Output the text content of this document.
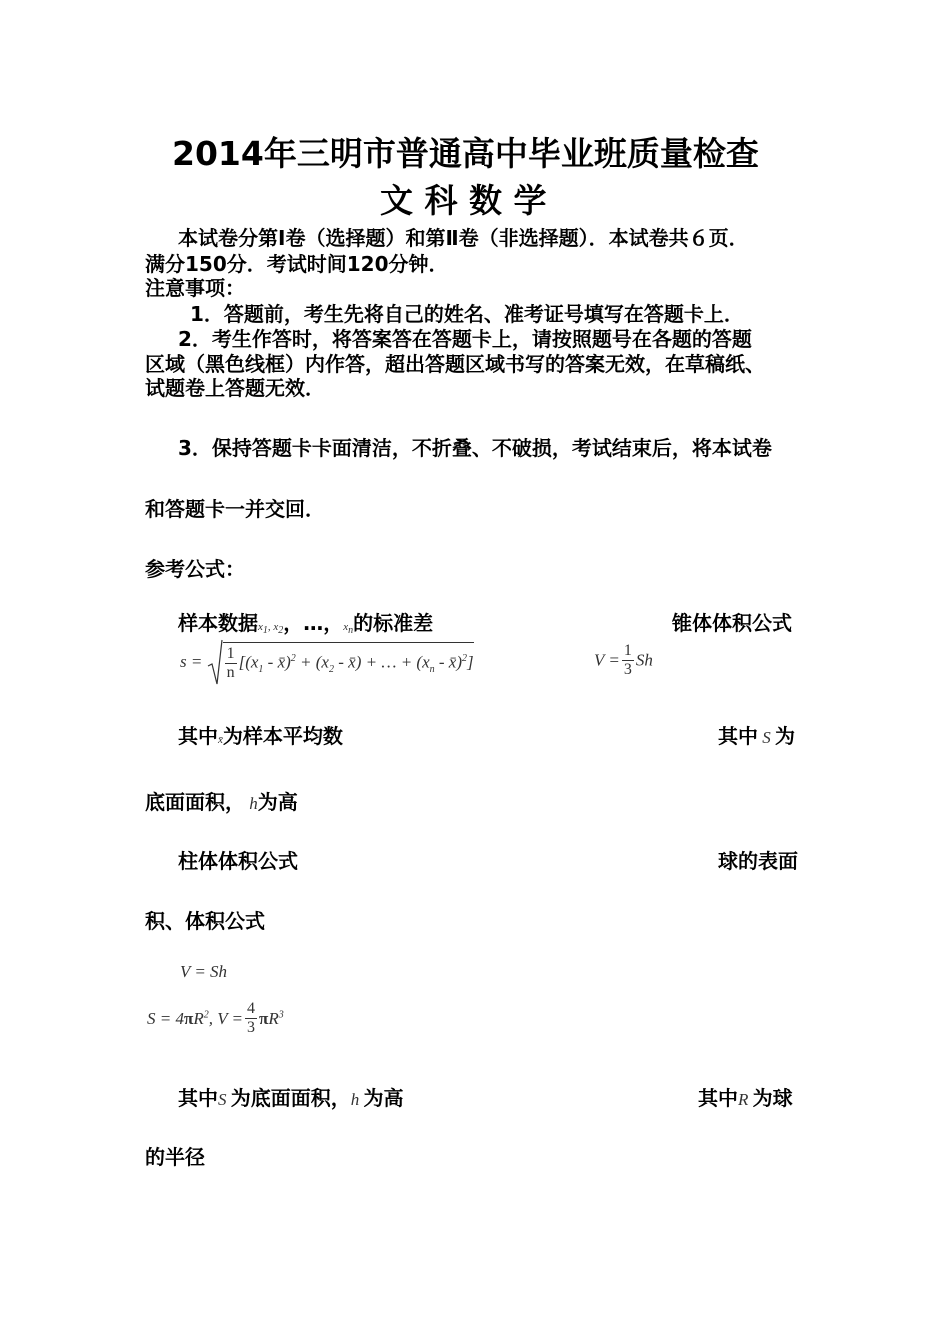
2014年三明市普通高中毕业班质量检查
文 科 数 学
本试卷分第Ⅰ卷（选择题）和第Ⅱ卷（非选择题）．本试卷共６页．
满分150分．考试时间120分钟．
注意事项：
1．答题前，考生先将自己的姓名、准考证号填写在答题卡上．
2．考生作答时，将答案答在答题卡上，请按照题号在各题的答题
区域（黑色线框）内作答，超出答题区域书写的答案无效，在草稿纸、
试题卷上答题无效．
3．保持答题卡卡面清洁，不折叠、不破损，考试结束后，将本试卷
和答题卡一并交回．
参考公式：
样本数据x1, x2，…，xn的标准差	锥体体积公式
$s = \frac{1}{n} [(x_1$ - x̄)$^2$ + ($x_2$ - x̄) + … + ($x_n$ - x̄)$^2$]	$V = \frac{1}{3}$ Sh
其中x̄为样本平均数	其中 S 为
底面面积， h为高
柱体体积公式	球的表面
积、体积公式
V = Sh
$S = 4\pi R^2$, $V = \frac{4}{3} \pi R^3$
其中S 为底面面积，h 为高	其中R 为球
的半径
